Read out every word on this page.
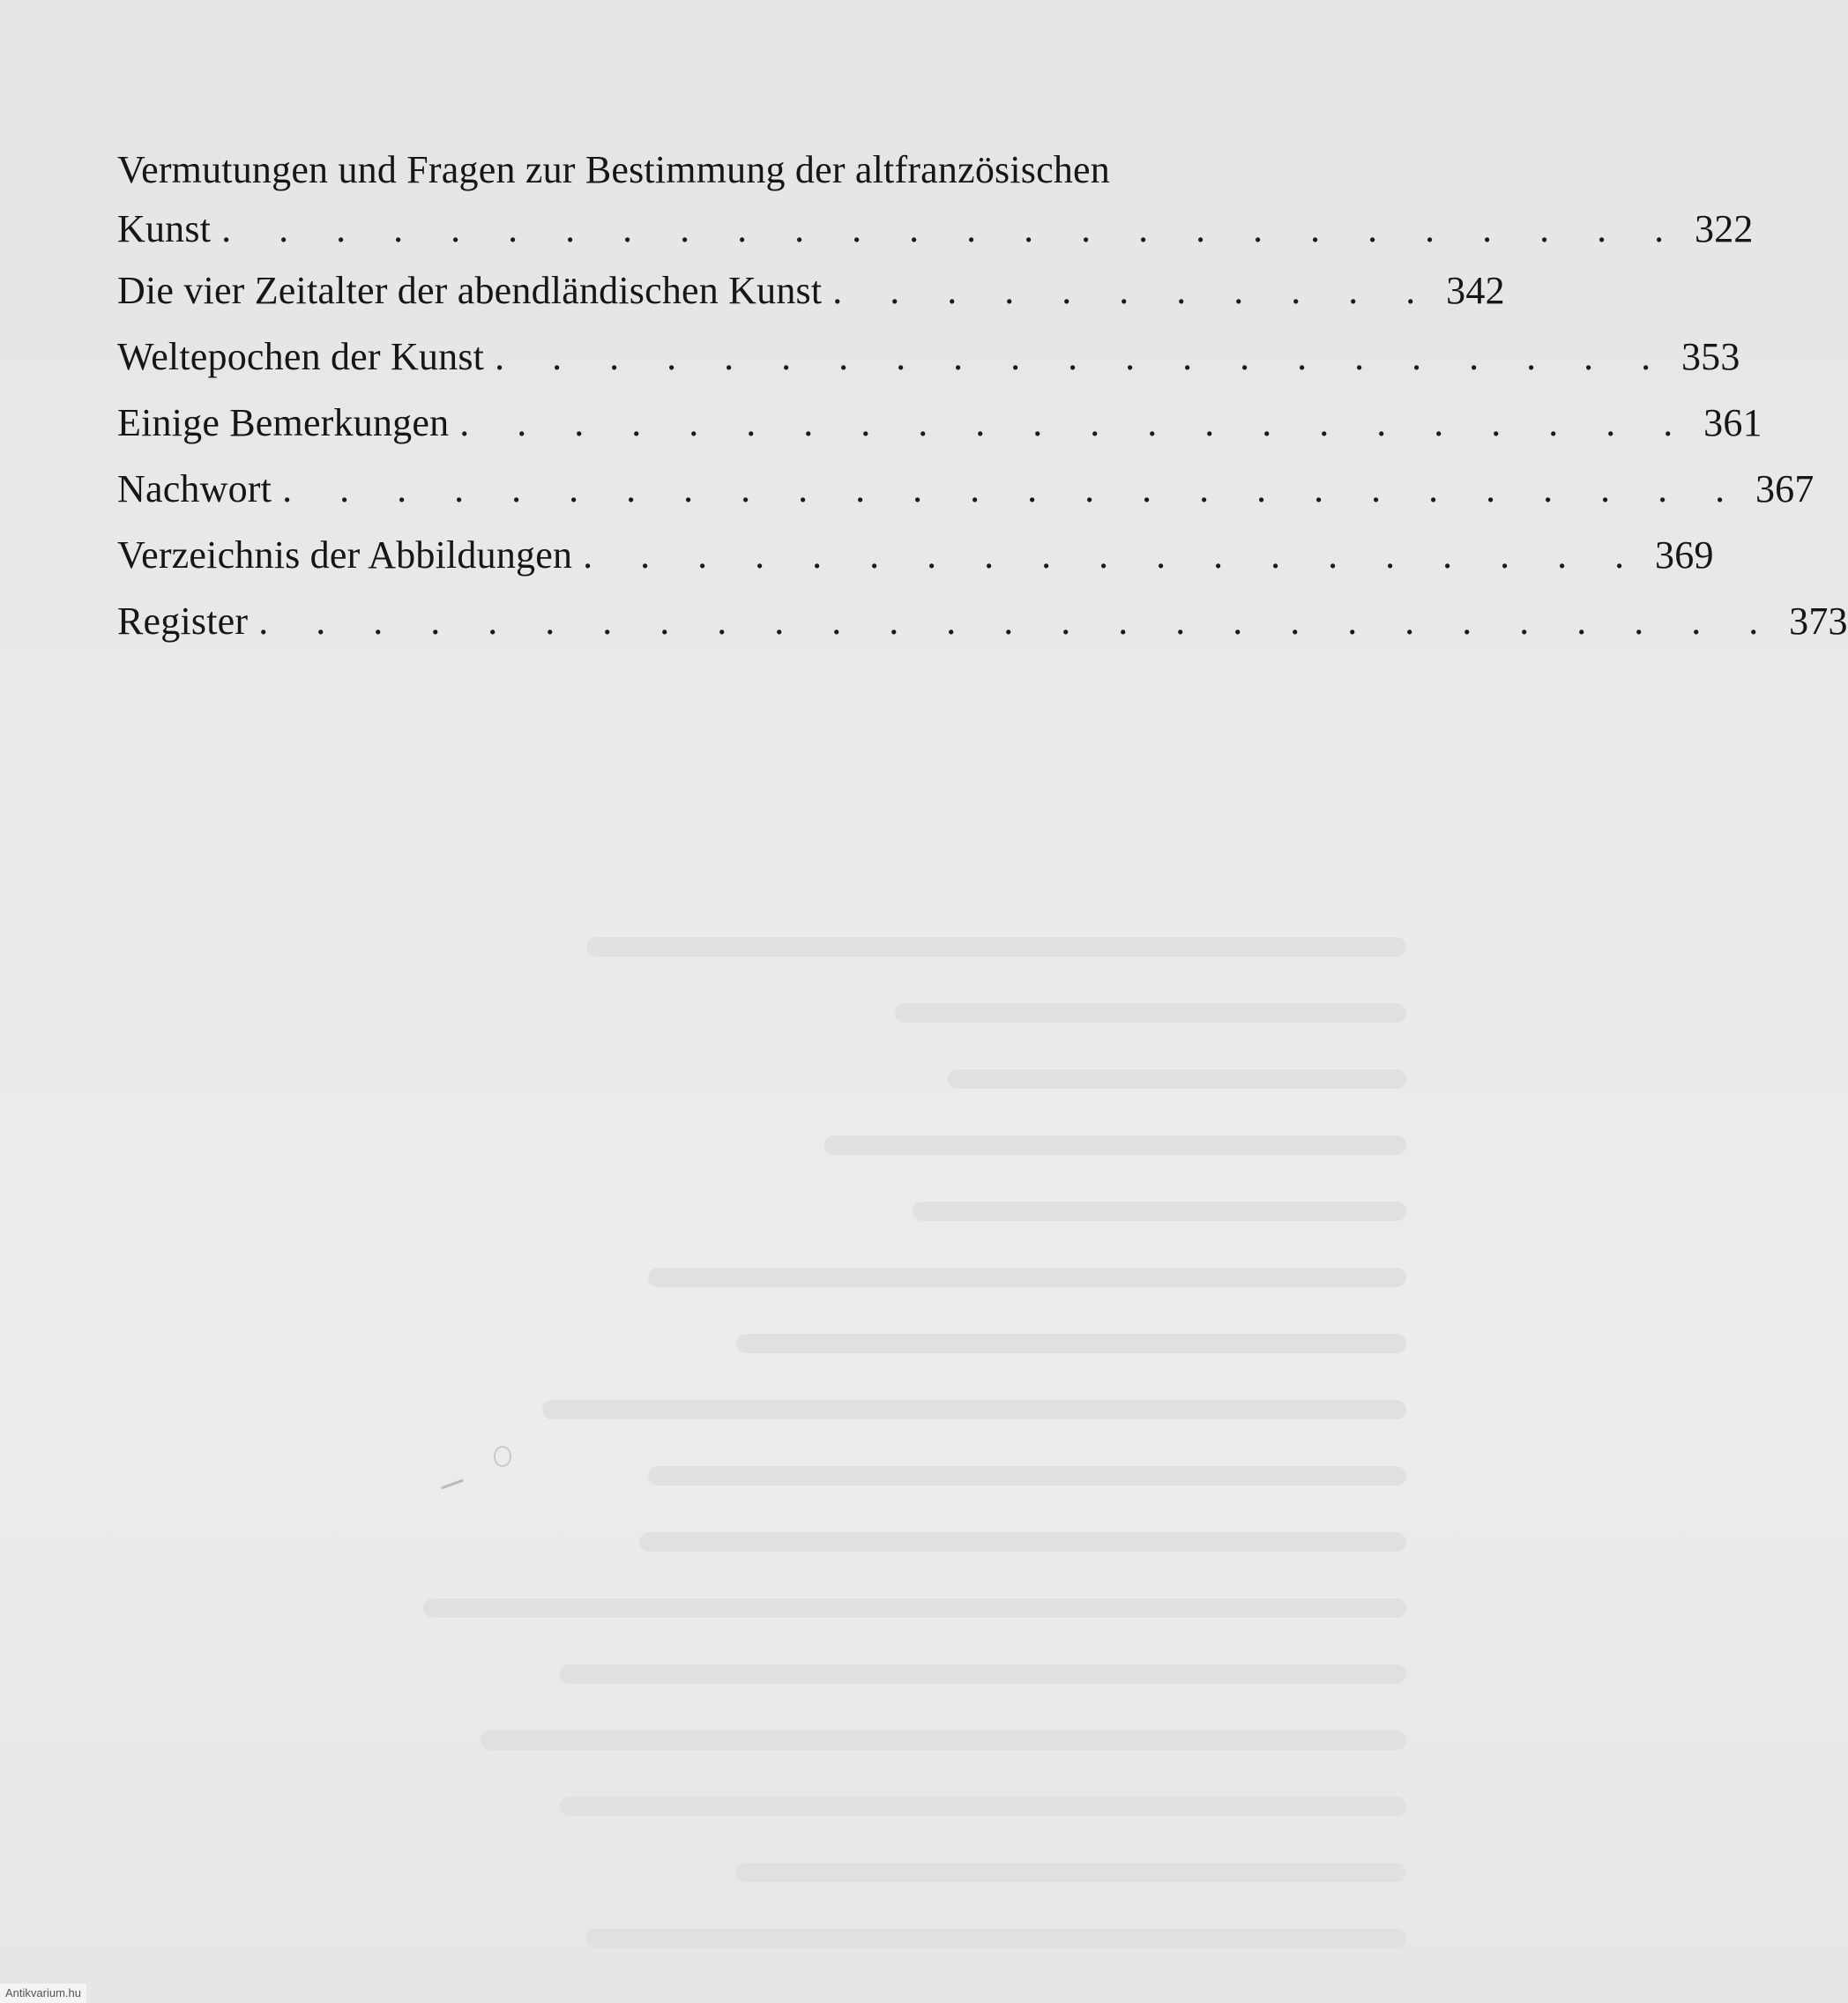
Vermutungen und Fragen zur Bestimmung der altfranzösischen
Kunst . . . . . . . . . . . . . . . . . . . . . . . . . . 322
Die vier Zeitalter der abendländischen Kunst . . . . . . . . . . . 342
Weltepochen der Kunst . . . . . . . . . . . . . . . . . . . . . 353
Einige Bemerkungen . . . . . . . . . . . . . . . . . . . . . . 361
Nachwort . . . . . . . . . . . . . . . . . . . . . . . . . . 367
Verzeichnis der Abbildungen . . . . . . . . . . . . . . . . . . . 369
Register . . . . . . . . . . . . . . . . . . . . . . . . . . . 373
Antikvarium.hu
